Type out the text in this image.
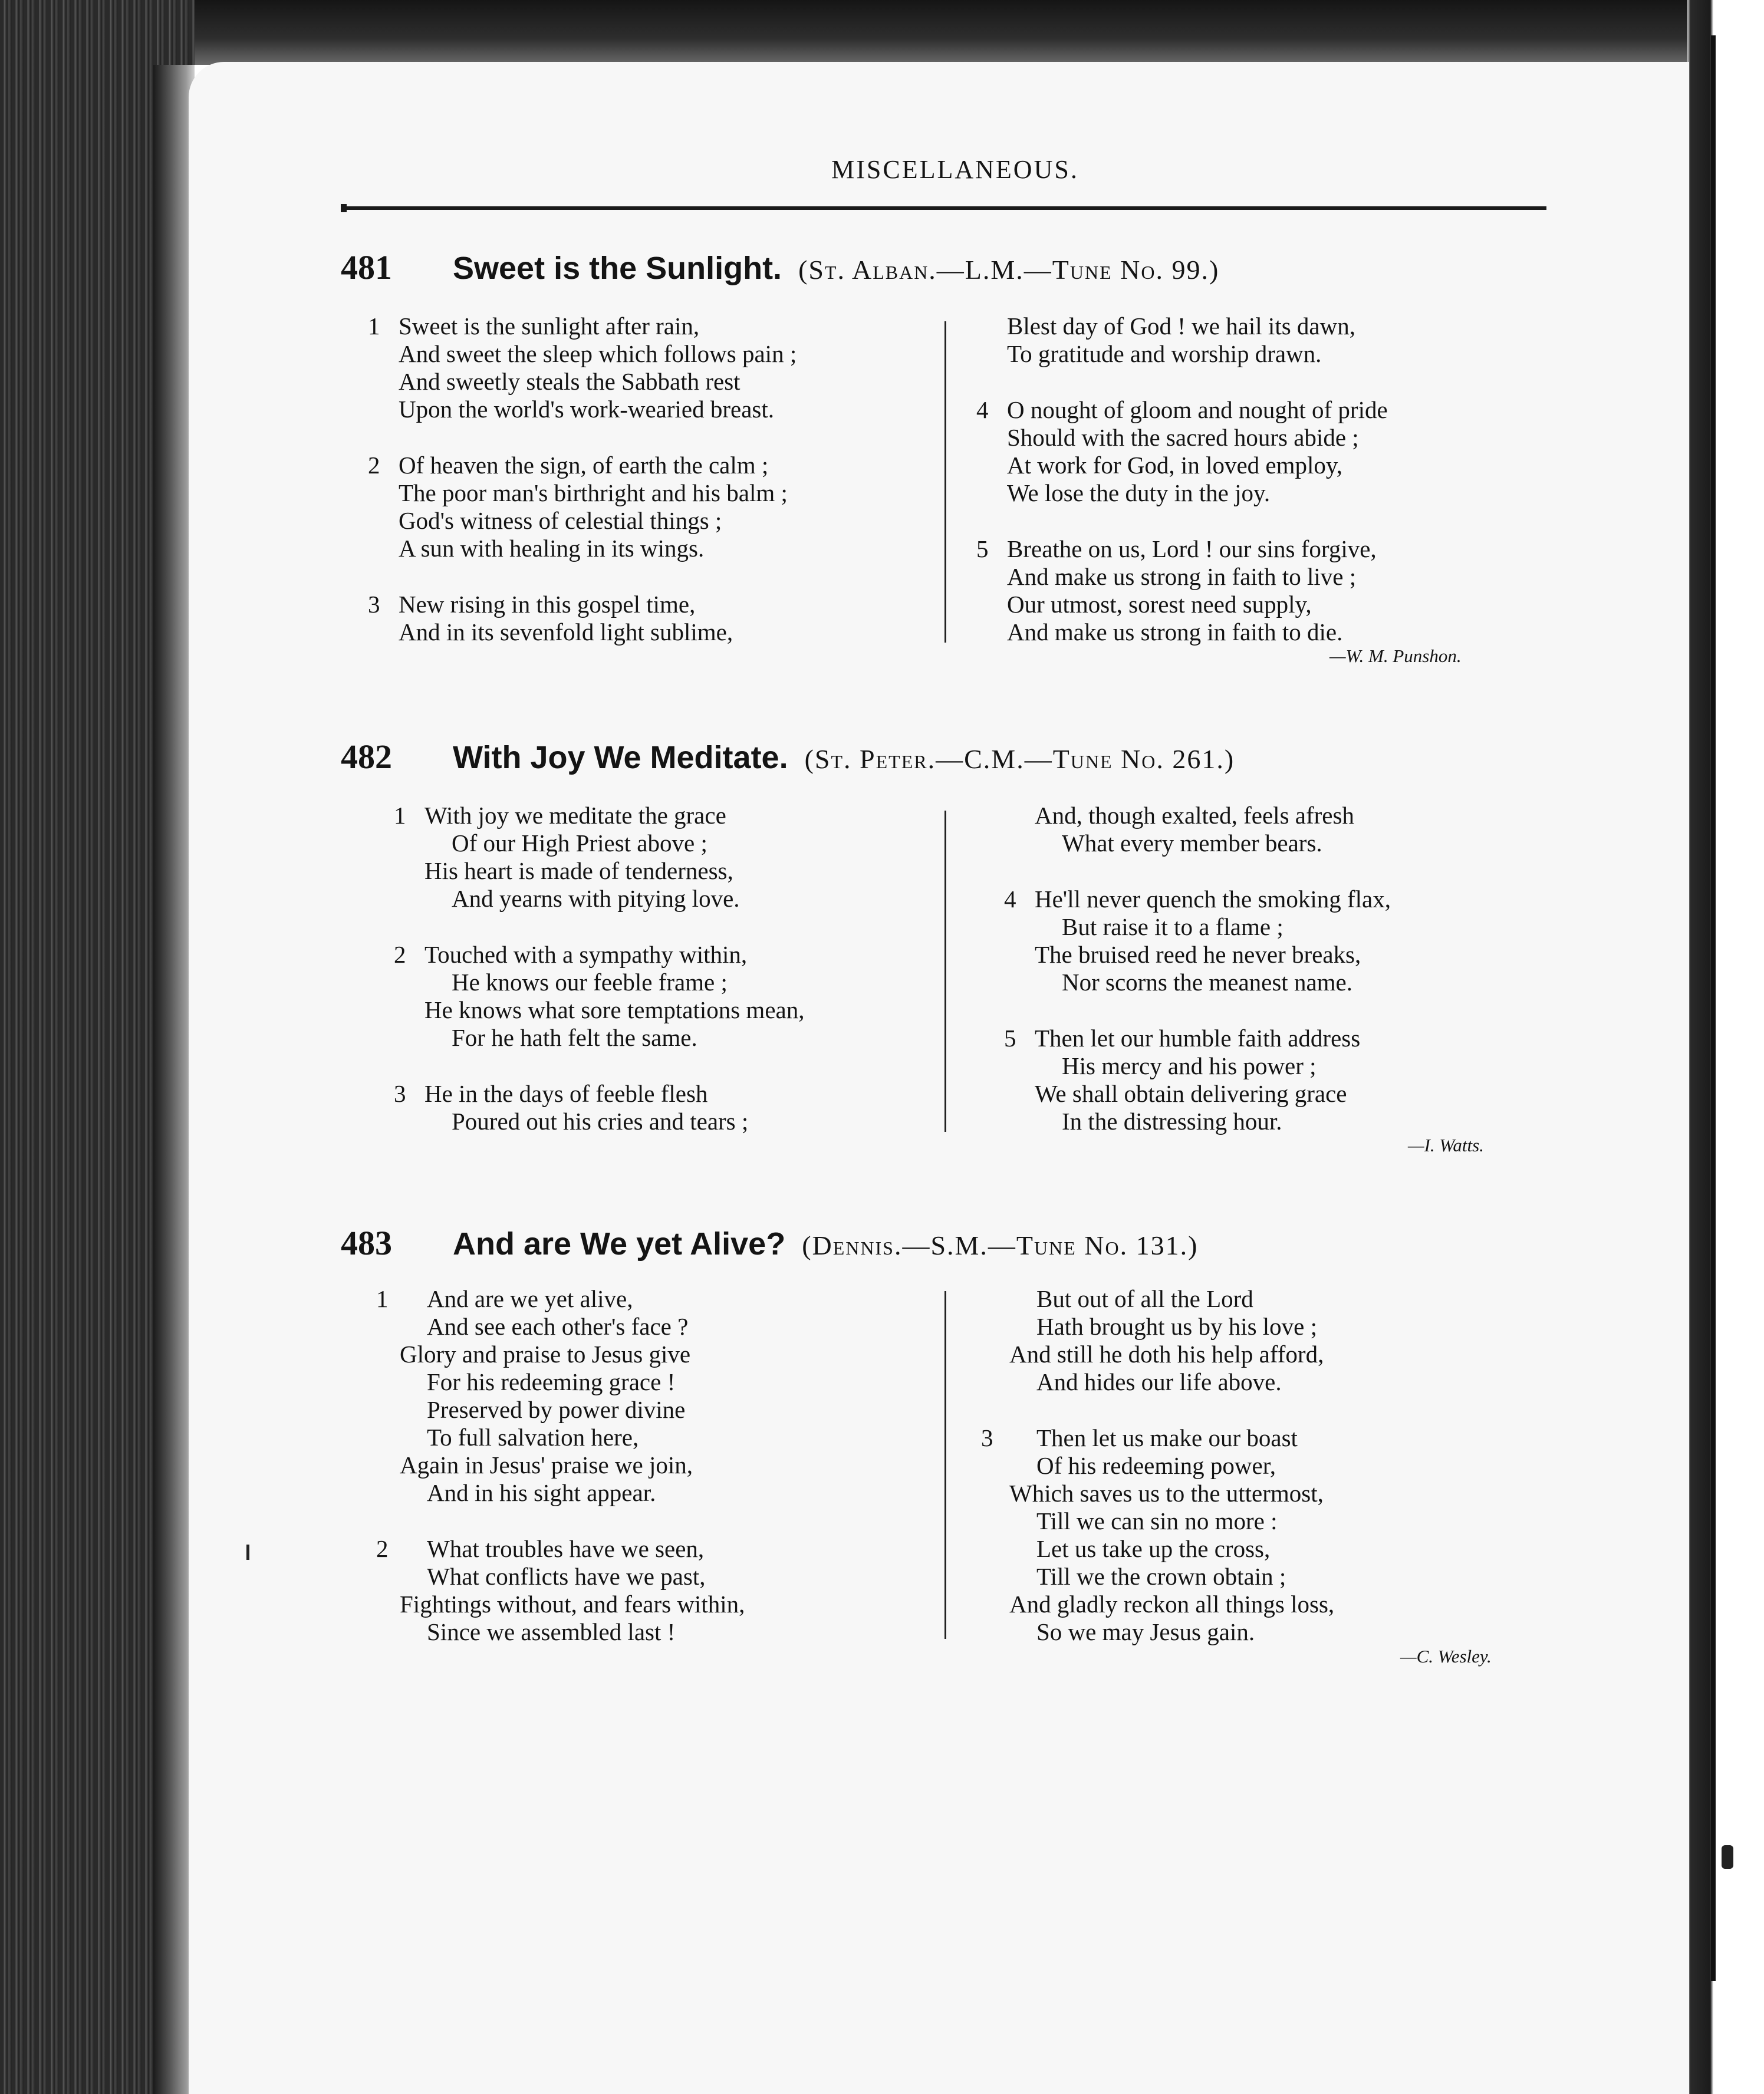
MISCELLANEOUS.
481 Sweet is the Sunlight. (St. Alban.—L.M.—Tune No. 99.)
1 Sweet is the sunlight after rain,
And sweet the sleep which follows pain ;
And sweetly steals the Sabbath rest
Upon the world's work-wearied breast.
2 Of heaven the sign, of earth the calm ;
The poor man's birthright and his balm ;
God's witness of celestial things ;
A sun with healing in its wings.
3 New rising in this gospel time,
And in its sevenfold light sublime,
Blest day of God ! we hail its dawn,
To gratitude and worship drawn.
4 O nought of gloom and nought of pride
Should with the sacred hours abide ;
At work for God, in loved employ,
We lose the duty in the joy.
5 Breathe on us, Lord ! our sins forgive,
And make us strong in faith to live ;
Our utmost, sorest need supply,
And make us strong in faith to die.
—W. M. Punshon.
482 With Joy We Meditate. (St. Peter.—C.M.—Tune No. 261.)
1 With joy we meditate the grace
Of our High Priest above ;
His heart is made of tenderness,
And yearns with pitying love.
2 Touched with a sympathy within,
He knows our feeble frame ;
He knows what sore temptations mean,
For he hath felt the same.
3 He in the days of feeble flesh
Poured out his cries and tears ;
And, though exalted, feels afresh
What every member bears.
4 He'll never quench the smoking flax,
But raise it to a flame ;
The bruised reed he never breaks,
Nor scorns the meanest name.
5 Then let our humble faith address
His mercy and his power ;
We shall obtain delivering grace
In the distressing hour.
—I. Watts.
483 And are We yet Alive? (Dennis.—S.M.—Tune No. 131.)
1 And are we yet alive,
And see each other's face ?
Glory and praise to Jesus give
For his redeeming grace !
Preserved by power divine
To full salvation here,
Again in Jesus' praise we join,
And in his sight appear.
2 What troubles have we seen,
What conflicts have we past,
Fightings without, and fears within,
Since we assembled last !
But out of all the Lord
Hath brought us by his love ;
And still he doth his help afford,
And hides our life above.
3 Then let us make our boast
Of his redeeming power,
Which saves us to the uttermost,
Till we can sin no more :
Let us take up the cross,
Till we the crown obtain ;
And gladly reckon all things loss,
So we may Jesus gain.
—C. Wesley.
